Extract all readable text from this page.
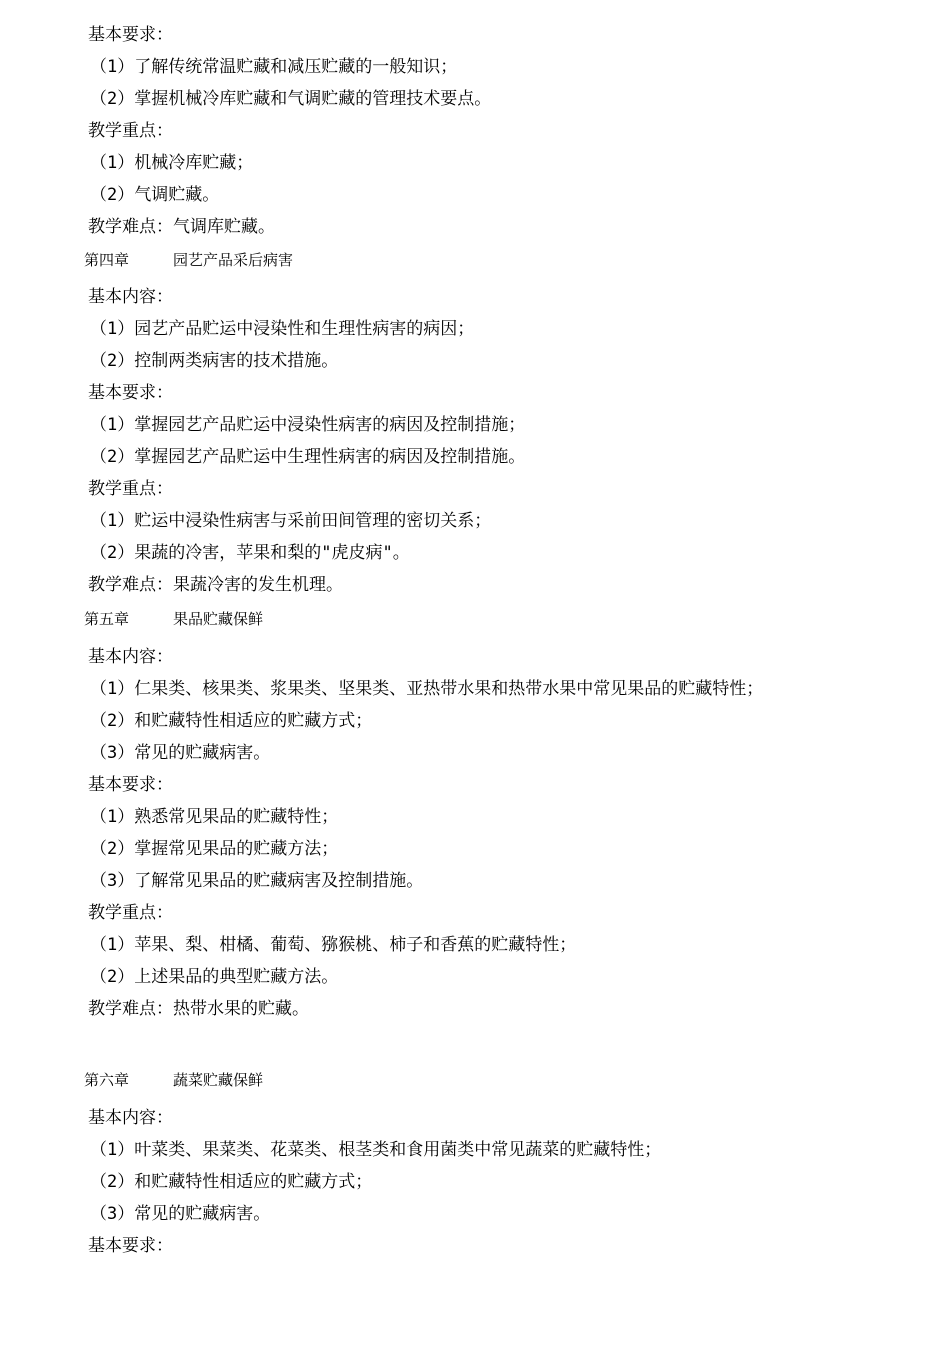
基本要求：
（1）了解传统常温贮藏和减压贮藏的一般知识；
（2）掌握机械冷库贮藏和气调贮藏的管理技术要点。
教学重点：
（1）机械冷库贮藏；
（2）气调贮藏。
教学难点：气调库贮藏。
第四章	园艺产品采后病害
基本内容：
（1）园艺产品贮运中浸染性和生理性病害的病因；
（2）控制两类病害的技术措施。
基本要求：
（1）掌握园艺产品贮运中浸染性病害的病因及控制措施；
（2）掌握园艺产品贮运中生理性病害的病因及控制措施。
教学重点：
（1）贮运中浸染性病害与采前田间管理的密切关系；
（2）果蔬的冷害，苹果和梨的"虎皮病"。
教学难点：果蔬冷害的发生机理。
第五章	果品贮藏保鲜
基本内容：
（1）仁果类、核果类、浆果类、坚果类、亚热带水果和热带水果中常见果品的贮藏特性；
（2）和贮藏特性相适应的贮藏方式；
（3）常见的贮藏病害。
基本要求：
（1）熟悉常见果品的贮藏特性；
（2）掌握常见果品的贮藏方法；
（3）了解常见果品的贮藏病害及控制措施。
教学重点：
（1）苹果、梨、柑橘、葡萄、猕猴桃、柿子和香蕉的贮藏特性；
（2）上述果品的典型贮藏方法。
教学难点：热带水果的贮藏。
第六章	蔬菜贮藏保鲜
基本内容：
（1）叶菜类、果菜类、花菜类、根茎类和食用菌类中常见蔬菜的贮藏特性；
（2）和贮藏特性相适应的贮藏方式；
（3）常见的贮藏病害。
基本要求：
